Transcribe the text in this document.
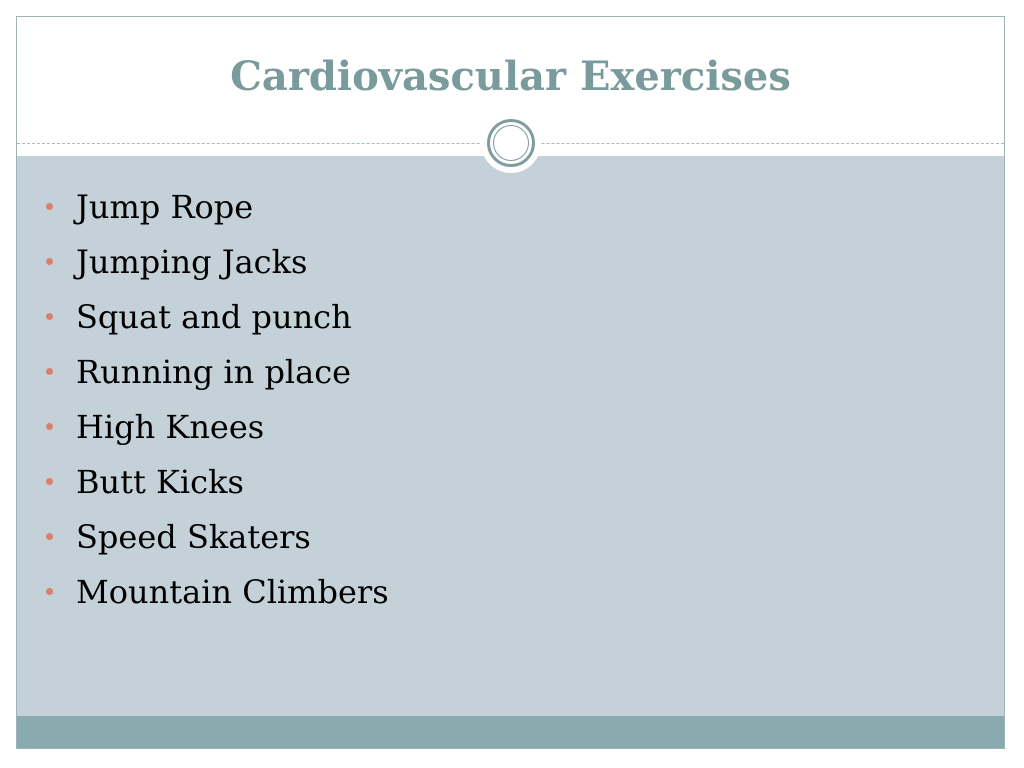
Cardiovascular Exercises
Jump Rope
Jumping Jacks
Squat and punch
Running in place
High Knees
Butt Kicks
Speed Skaters
Mountain Climbers
